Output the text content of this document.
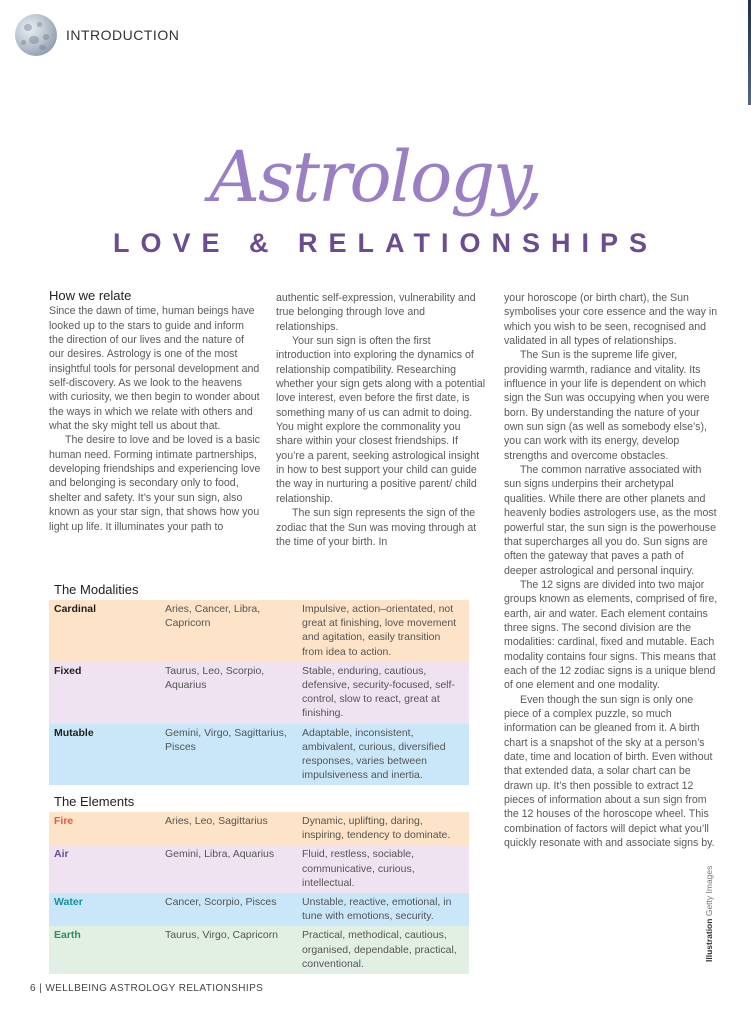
INTRODUCTION
Astrology,
LOVE & RELATIONSHIPS
How we relate

Since the dawn of time, human beings have looked up to the stars to guide and inform the direction of our lives and the nature of our desires. Astrology is one of the most insightful tools for personal development and self-discovery. As we look to the heavens with curiosity, we then begin to wonder about the ways in which we relate with others and what the sky might tell us about that.

The desire to love and be loved is a basic human need. Forming intimate partnerships, developing friendships and experiencing love and belonging is secondary only to food, shelter and safety. It’s your sun sign, also known as your star sign, that shows how you light up life. It illuminates your path to

authentic self-expression, vulnerability and true belonging through love and relationships.

Your sun sign is often the first introduction into exploring the dynamics of relationship compatibility. Researching whether your sign gets along with a potential love interest, even before the first date, is something many of us can admit to doing. You might explore the commonality you share within your closest friendships. If you’re a parent, seeking astrological insight in how to best support your child can guide the way in nurturing a positive parent/ child relationship.

The sun sign represents the sign of the zodiac that the Sun was moving through at the time of your birth. In

your horoscope (or birth chart), the Sun symbolises your core essence and the way in which you wish to be seen, recognised and validated in all types of relationships.

The Sun is the supreme life giver, providing warmth, radiance and vitality. Its influence in your life is dependent on which sign the Sun was occupying when you were born. By understanding the nature of your own sun sign (as well as somebody else’s), you can work with its energy, develop strengths and overcome obstacles.

The common narrative associated with sun signs underpins their archetypal qualities. While there are other planets and heavenly bodies astrologers use, as the most powerful star, the sun sign is the powerhouse that supercharges all you do. Sun signs are often the gateway that paves a path of deeper astrological and personal inquiry.

The 12 signs are divided into two major groups known as elements, comprised of fire, earth, air and water. Each element contains three signs. The second division are the modalities: cardinal, fixed and mutable. Each modality contains four signs. This means that each of the 12 zodiac signs is a unique blend of one element and one modality.

Even though the sun sign is only one piece of a complex puzzle, so much information can be gleaned from it. A birth chart is a snapshot of the sky at a person’s date, time and location of birth. Even without that extended data, a solar chart can be drawn up. It’s then possible to extract 12 pieces of information about a sun sign from the 12 houses of the horoscope wheel. This combination of factors will depict what you’ll quickly resonate with and associate signs by.

The Modalities
Cardinal	Aries, Cancer, Libra, Capricorn	Impulsive, action–orientated, not great at finishing, love movement and agitation, easily transition from idea to action.
Fixed	Taurus, Leo, Scorpio, Aquarius	Stable, enduring, cautious, defensive, security-focused, self-control, slow to react, great at finishing.
Mutable	Gemini, Virgo, Sagittarius, Pisces	Adaptable, inconsistent, ambivalent, curious, diversified responses, varies between impulsiveness and inertia.
The Elements
Fire	Aries, Leo, Sagittarius	Dynamic, uplifting, daring, inspiring, tendency to dominate.
Air	Gemini, Libra, Aquarius	Fluid, restless, sociable, communicative, curious, intellectual.
Water	Cancer, Scorpio, Pisces	Unstable, reactive, emotional, in tune with emotions, security.
Earth	Taurus, Virgo, Capricorn	Practical, methodical, cautious, organised, dependable, practical, conventional.
6 | WELLBEING ASTROLOGY RELATIONSHIPS
Illustration Getty Images
